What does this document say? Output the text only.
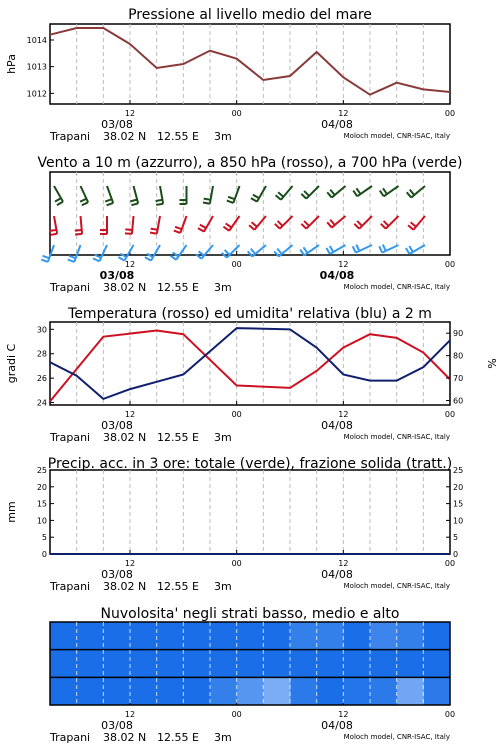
Pressione al livello medio del mare
12	00	12	00
03/08	04/08
Trapani 38.02 N 12.55 E 3m	Moloch model, CNR-ISAC, Italy
1012
1013
1014
hPa
Vento a 10 m (azzurro), a 850 hPa (rosso), a 700 hPa (verde)
12	00	12	00
03/08	04/08
Trapani 38.02 N 12.55 E 3m	Moloch model, CNR-ISAC, Italy
Temperatura (rosso) ed umidita' relativa (blu) a 2 m
12	00	12	00
03/08	04/08
Trapani 38.02 N 12.55 E 3m	Moloch model, CNR-ISAC, Italy
24
26
28
30
gradi C
60
70
80
90
%
Precip. acc. in 3 ore: totale (verde), frazione solida (tratt.)
12	00	12	00
03/08	04/08
Trapani 38.02 N 12.55 E 3m	Moloch model, CNR-ISAC, Italy
0
5
10
15
20
25
0
5
10
15
20
25
mm
Nuvolosita' negli strati basso, medio e alto
12	00	12	00
03/08	04/08
Trapani 38.02 N 12.55 E 3m	Moloch model, CNR-ISAC, Italy
